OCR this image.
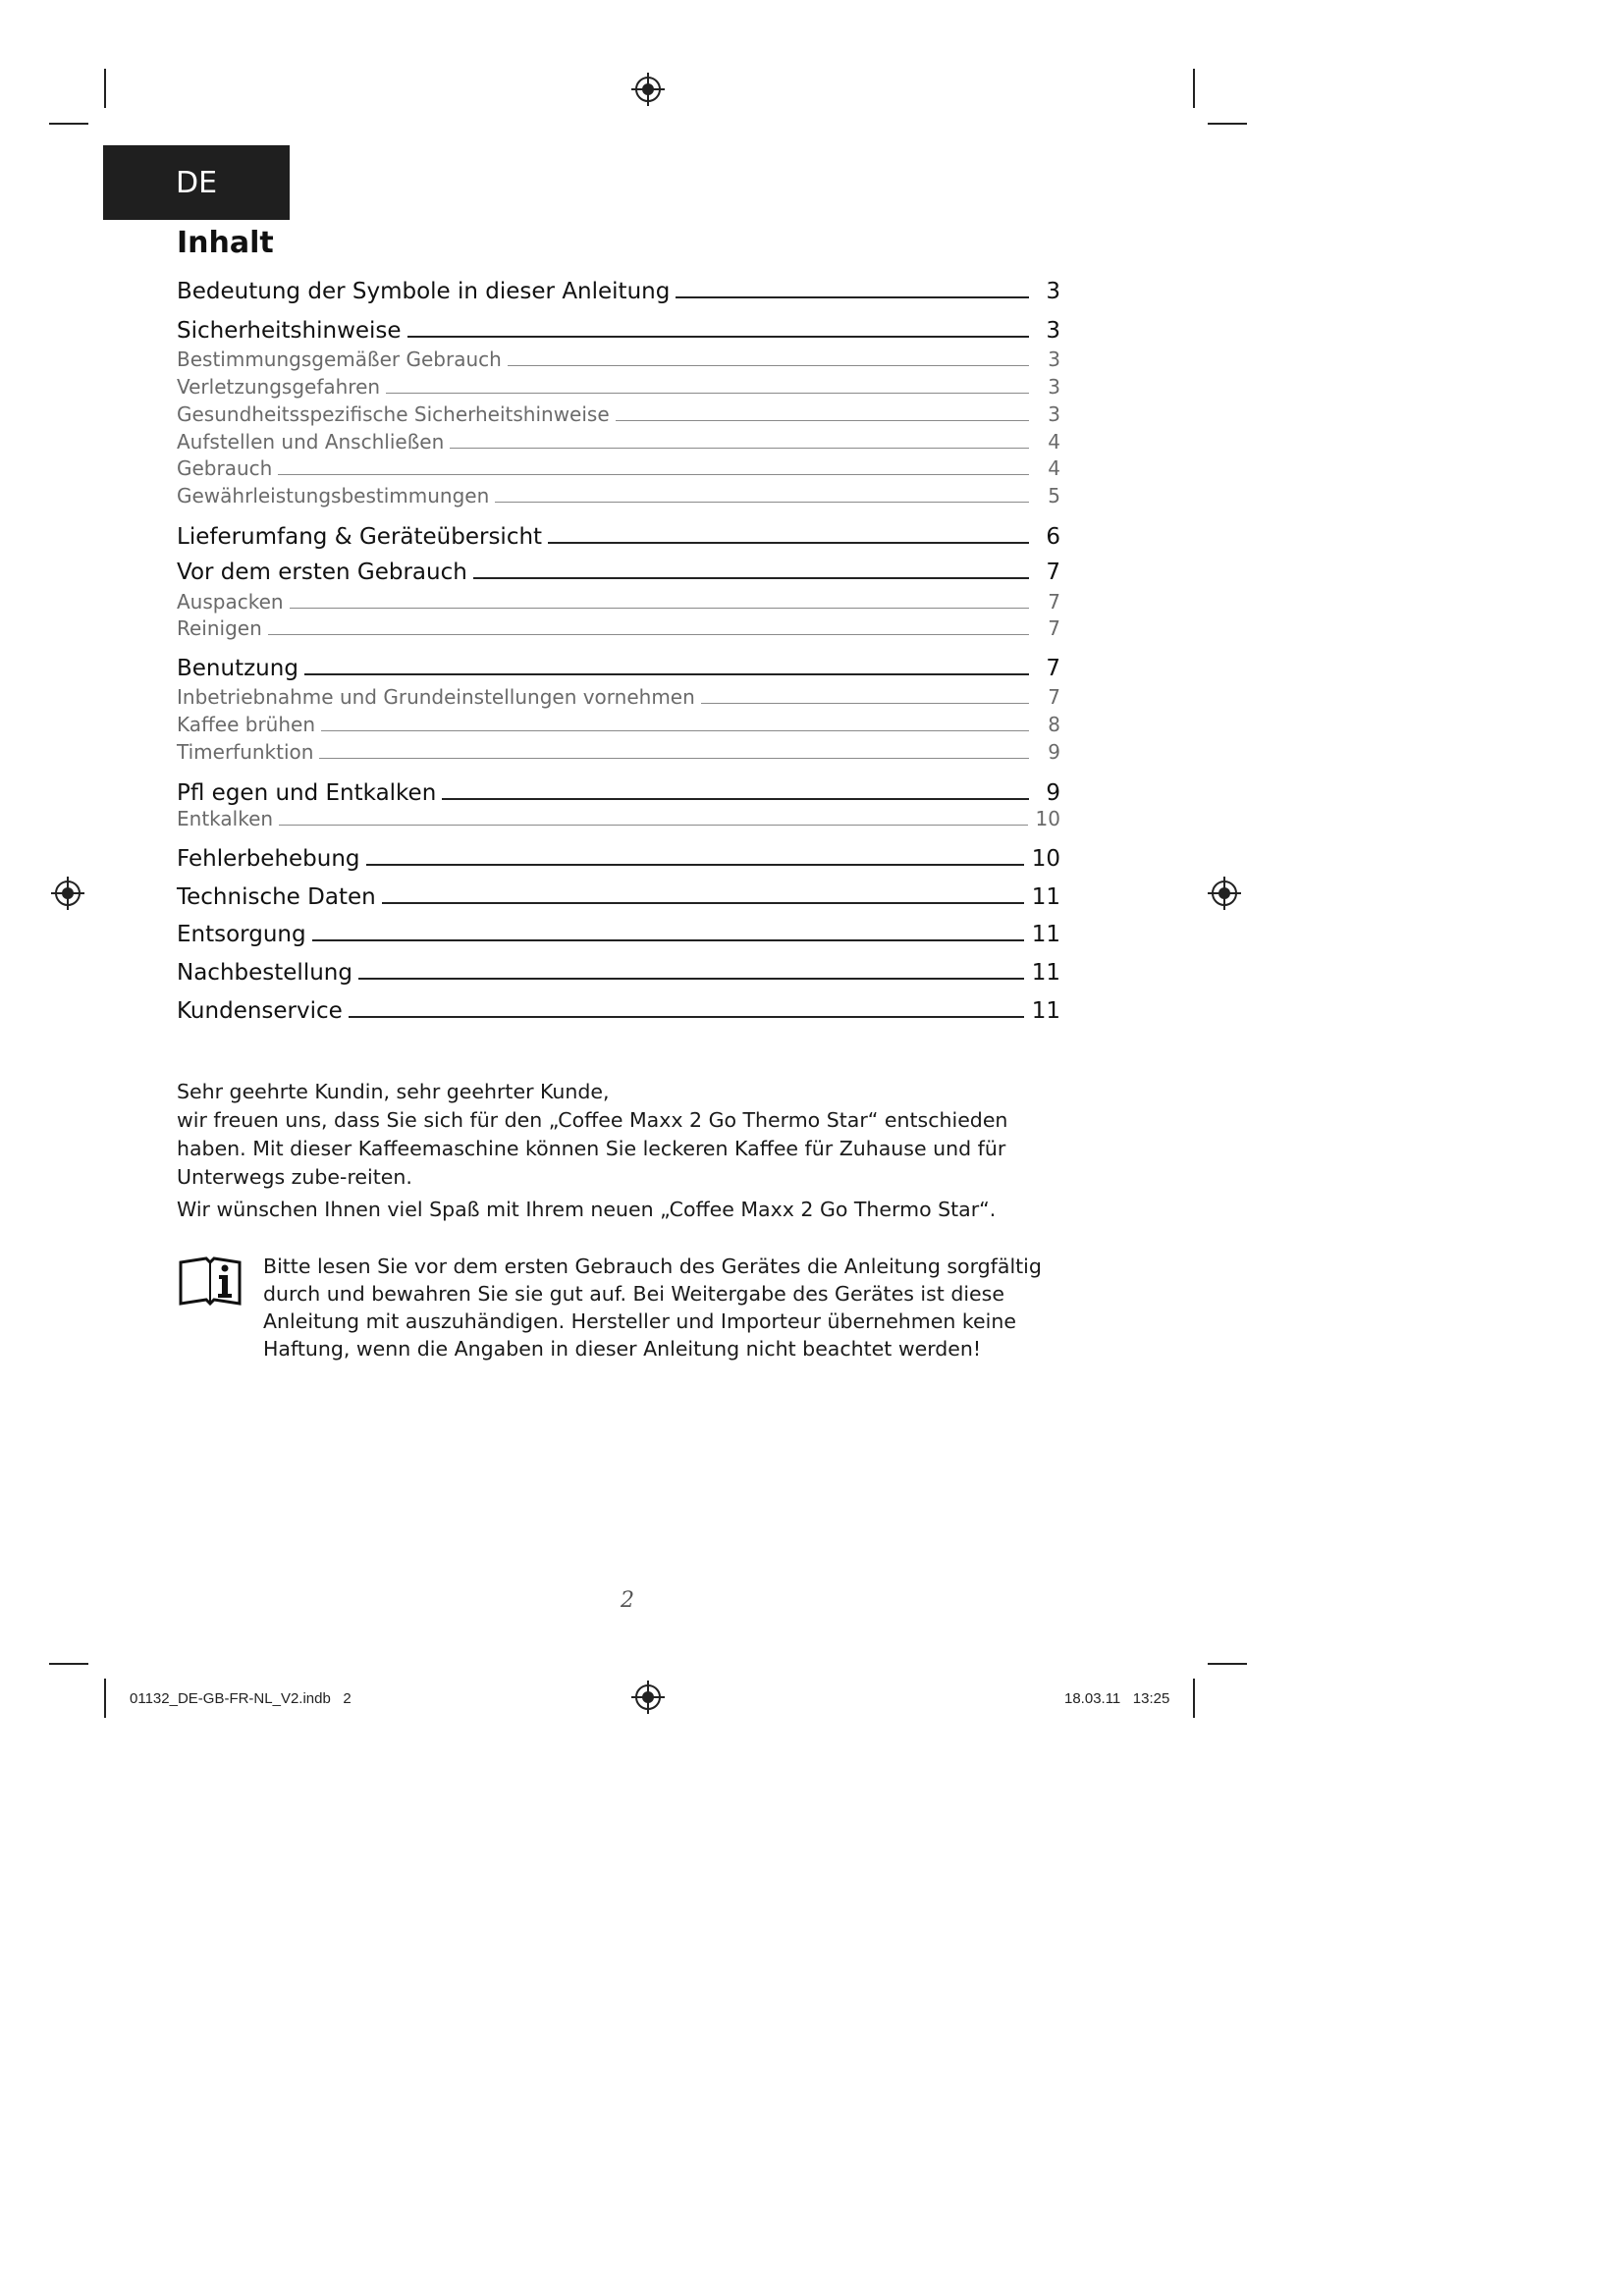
DE
Inhalt
Bedeutung der Symbole in dieser Anleitung	3
Sicherheitshinweise	3
Bestimmungsgemäßer Gebrauch	3
Verletzungsgefahren	3
Gesundheitsspezifische Sicherheitshinweise	3
Aufstellen und Anschließen	4
Gebrauch	4
Gewährleistungsbestimmungen	5
Lieferumfang & Geräteübersicht	6
Vor dem ersten Gebrauch	7
Auspacken	7
Reinigen	7
Benutzung	7
Inbetriebnahme und Grundeinstellungen vornehmen	7
Kaffee brühen	8
Timerfunktion	9
Pfl egen und Entkalken	9
Entkalken	10
Fehlerbehebung	10
Technische Daten	11
Entsorgung	11
Nachbestellung	11
Kundenservice	11

Sehr geehrte Kundin, sehr geehrter Kunde,

wir freuen uns, dass Sie sich für den „Coffee Maxx 2 Go Thermo Star“ entschieden haben. Mit dieser Kaffeemaschine können Sie leckeren Kaffee für Zuhause und für Unterwegs zube-reiten.

Wir wünschen Ihnen viel Spaß mit Ihrem neuen „Coffee Maxx 2 Go Thermo Star“.

Bitte lesen Sie vor dem ersten Gebrauch des Gerätes die Anleitung sorgfältig durch und bewahren Sie sie gut auf. Bei Weitergabe des Gerätes ist diese Anleitung mit auszuhändigen. Hersteller und Importeur übernehmen keine Haftung, wenn die Angaben in dieser Anleitung nicht beachtet werden!
2
01132_DE-GB-FR-NL_V2.indb   2	18.03.11   13:25
